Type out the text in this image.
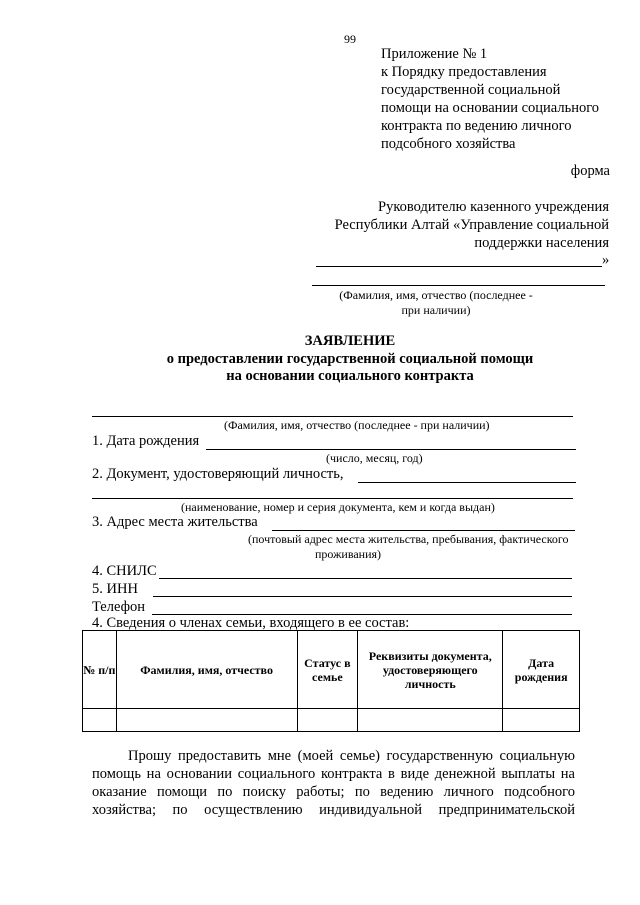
99
Приложение № 1
к Порядку предоставления
государственной социальной
помощи на основании социального
контракта по ведению личного
подсобного хозяйства
форма
Руководителю казенного учреждения
Республики Алтай «Управление социальной
поддержки населения
»
(Фамилия, имя, отчество (последнее -
при наличии)
ЗАЯВЛЕНИЕ
о предоставлении государственной социальной помощи
на основании социального контракта
(Фамилия, имя, отчество (последнее - при наличии)
1. Дата рождения
(число, месяц, год)
2. Документ, удостоверяющий личность,
(наименование, номер и серия документа, кем и когда выдан)
3. Адрес места жительства
(почтовый адрес места жительства, пребывания, фактического
проживания)
4. СНИЛС
5. ИНН
Телефон
4. Сведения о членах семьи, входящего в ее состав:
№ п/п	Фамилия, имя, отчество	Статус в семье	Реквизиты документа, удостоверяющего личность	Дата рождения

Прошу предоставить мне (моей семье) государственную социальную
помощь на основании социального контракта в виде денежной выплаты на
оказание помощи по поиску работы; по ведению личного подсобного
хозяйства; по осуществлению индивидуальной предпринимательской
